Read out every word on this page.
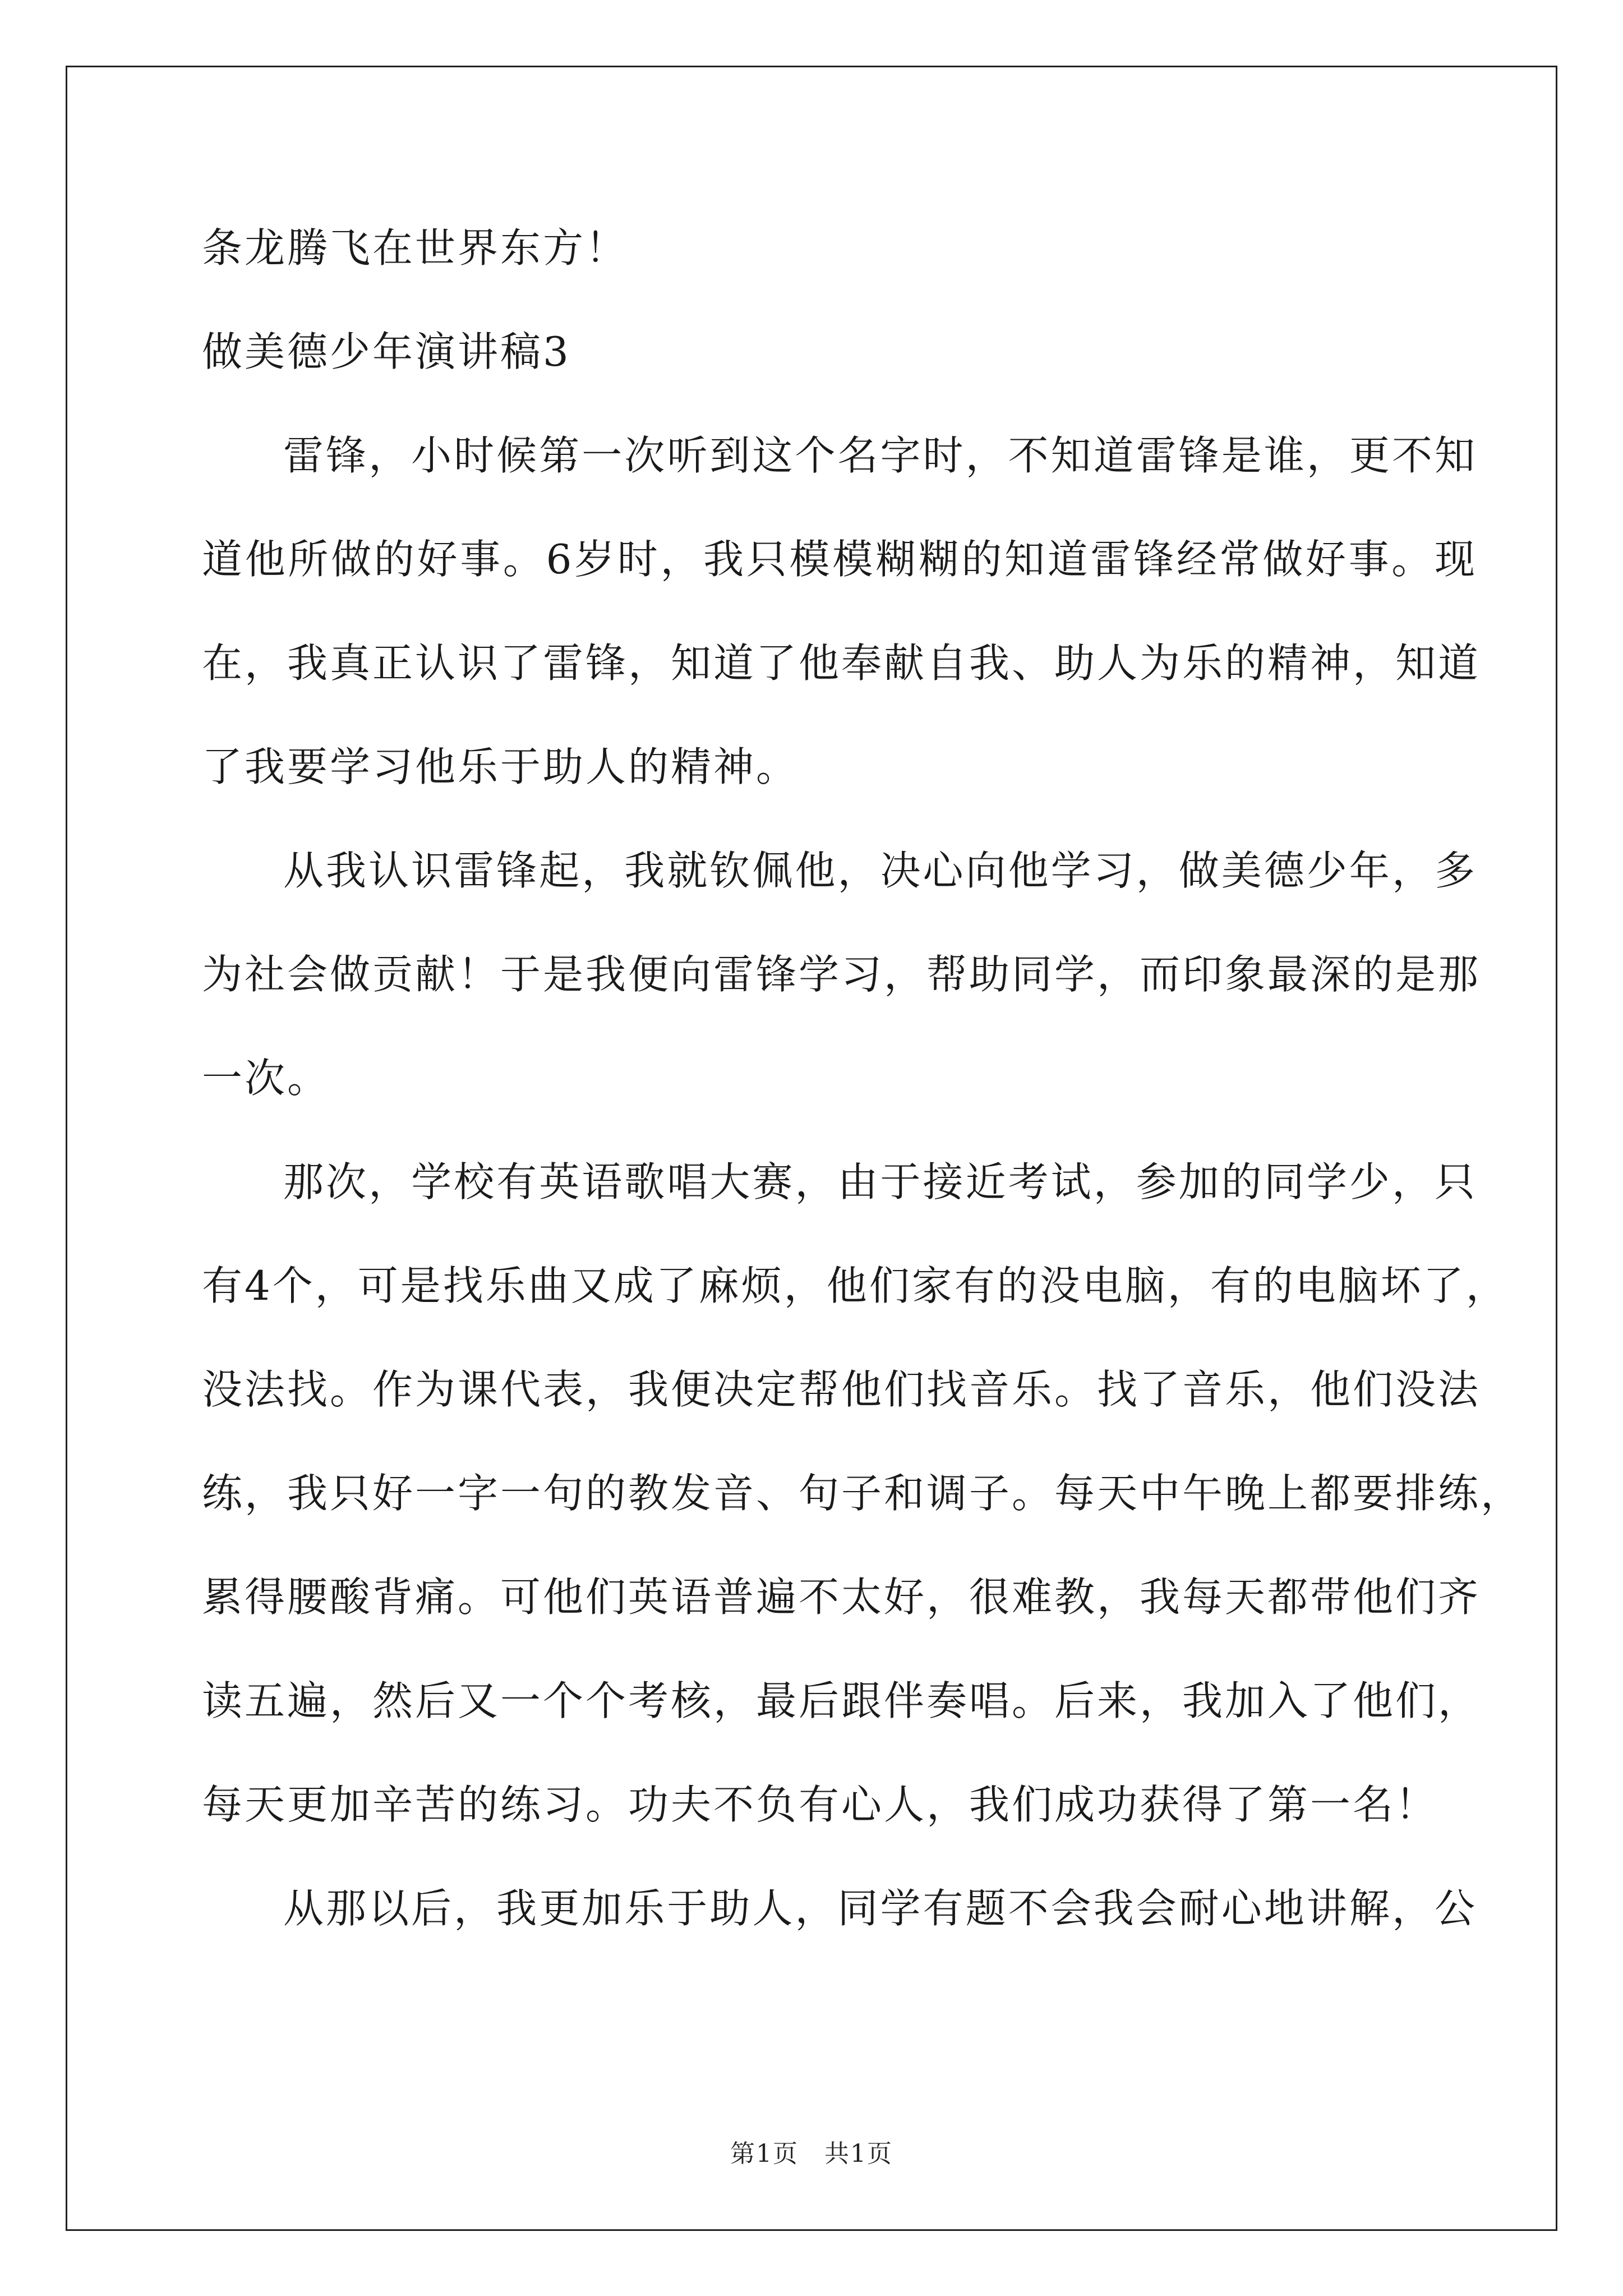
条龙腾飞在世界东方！
做美德少年演讲稿3
雷锋，小时候第一次听到这个名字时，不知道雷锋是谁，更不知
道他所做的好事。6岁时，我只模模糊糊的知道雷锋经常做好事。现
在，我真正认识了雷锋，知道了他奉献自我、助人为乐的精神，知道
了我要学习他乐于助人的精神。
从我认识雷锋起，我就钦佩他，决心向他学习，做美德少年，多
为社会做贡献！于是我便向雷锋学习，帮助同学，而印象最深的是那
一次。
那次，学校有英语歌唱大赛，由于接近考试，参加的同学少，只
有4个，可是找乐曲又成了麻烦，他们家有的没电脑，有的电脑坏了，
没法找。作为课代表，我便决定帮他们找音乐。找了音乐，他们没法
练，我只好一字一句的教发音、句子和调子。每天中午晚上都要排练，
累得腰酸背痛。可他们英语普遍不太好，很难教，我每天都带他们齐
读五遍，然后又一个个考核，最后跟伴奏唱。后来，我加入了他们，
每天更加辛苦的练习。功夫不负有心人，我们成功获得了第一名！
从那以后，我更加乐于助人，同学有题不会我会耐心地讲解，公
第1页　共1页
